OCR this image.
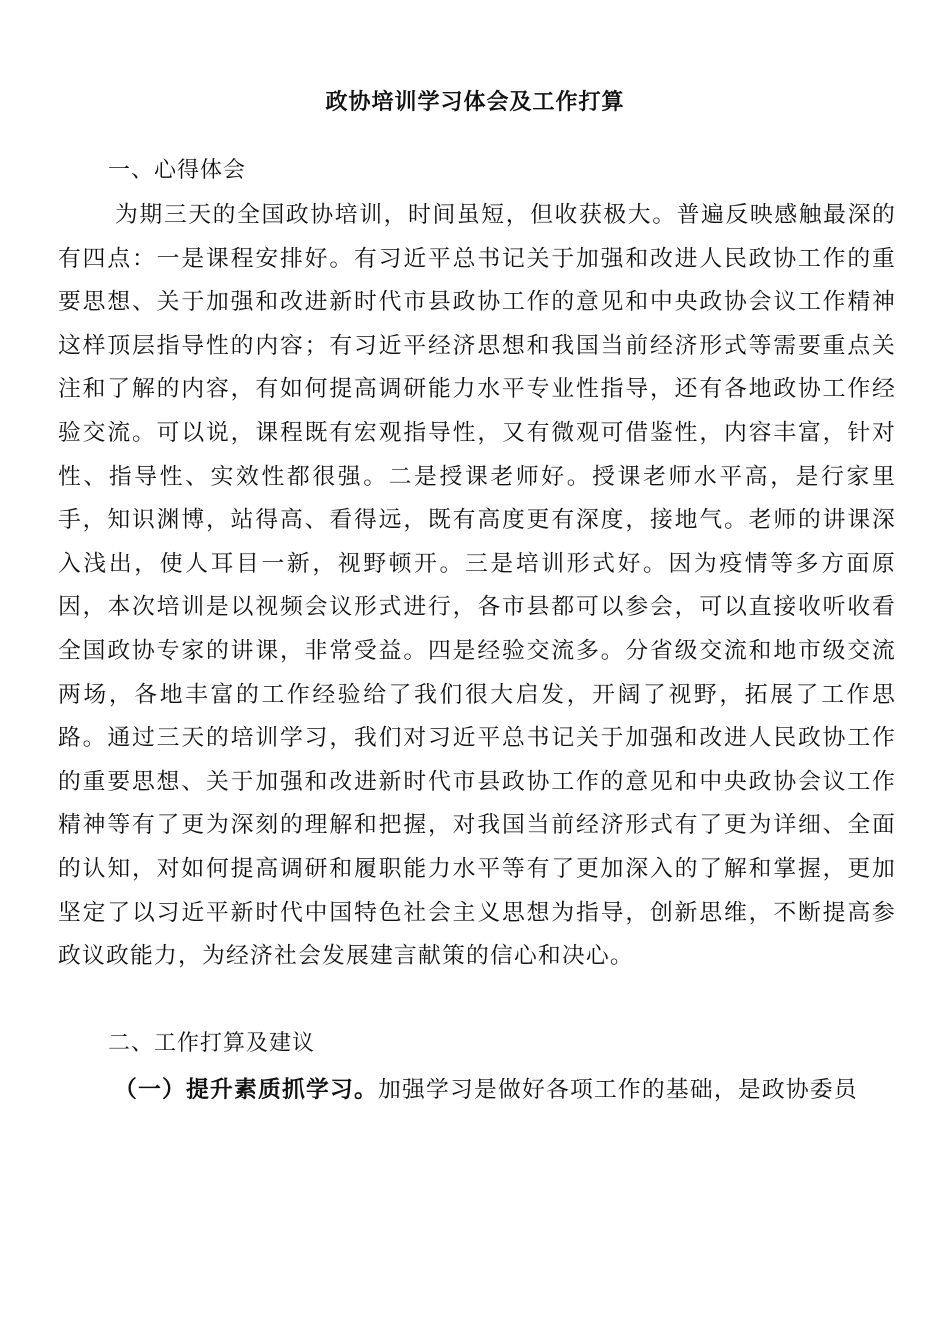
政协培训学习体会及工作打算
一、心得体会

为期三天的全国政协培训，时间虽短，但收获极大。普遍反映感触最深的有四点：一是课程安排好。有习近平总书记关于加强和改进人民政协工作的重要思想、关于加强和改进新时代市县政协工作的意见和中央政协会议工作精神这样顶层指导性的内容；有习近平经济思想和我国当前经济形式等需要重点关注和了解的内容，有如何提高调研能力水平专业性指导，还有各地政协工作经验交流。可以说，课程既有宏观指导性，又有微观可借鉴性，内容丰富，针对性、指导性、实效性都很强。二是授课老师好。授课老师水平高，是行家里手，知识渊博，站得高、看得远，既有高度更有深度，接地气。老师的讲课深入浅出，使人耳目一新，视野顿开。三是培训形式好。因为疫情等多方面原因，本次培训是以视频会议形式进行，各市县都可以参会，可以直接收听收看全国政协专家的讲课，非常受益。四是经验交流多。分省级交流和地市级交流两场，各地丰富的工作经验给了我们很大启发，开阔了视野，拓展了工作思路。通过三天的培训学习，我们对习近平总书记关于加强和改进人民政协工作的重要思想、关于加强和改进新时代市县政协工作的意见和中央政协会议工作精神等有了更为深刻的理解和把握，对我国当前经济形式有了更为详细、全面的认知，对如何提高调研和履职能力水平等有了更加深入的了解和掌握，更加坚定了以习近平新时代中国特色社会主义思想为指导，创新思维，不断提高参政议政能力，为经济社会发展建言献策的信心和决心。

二、工作打算及建议

（一）提升素质抓学习。加强学习是做好各项工作的基础，是政协委员
